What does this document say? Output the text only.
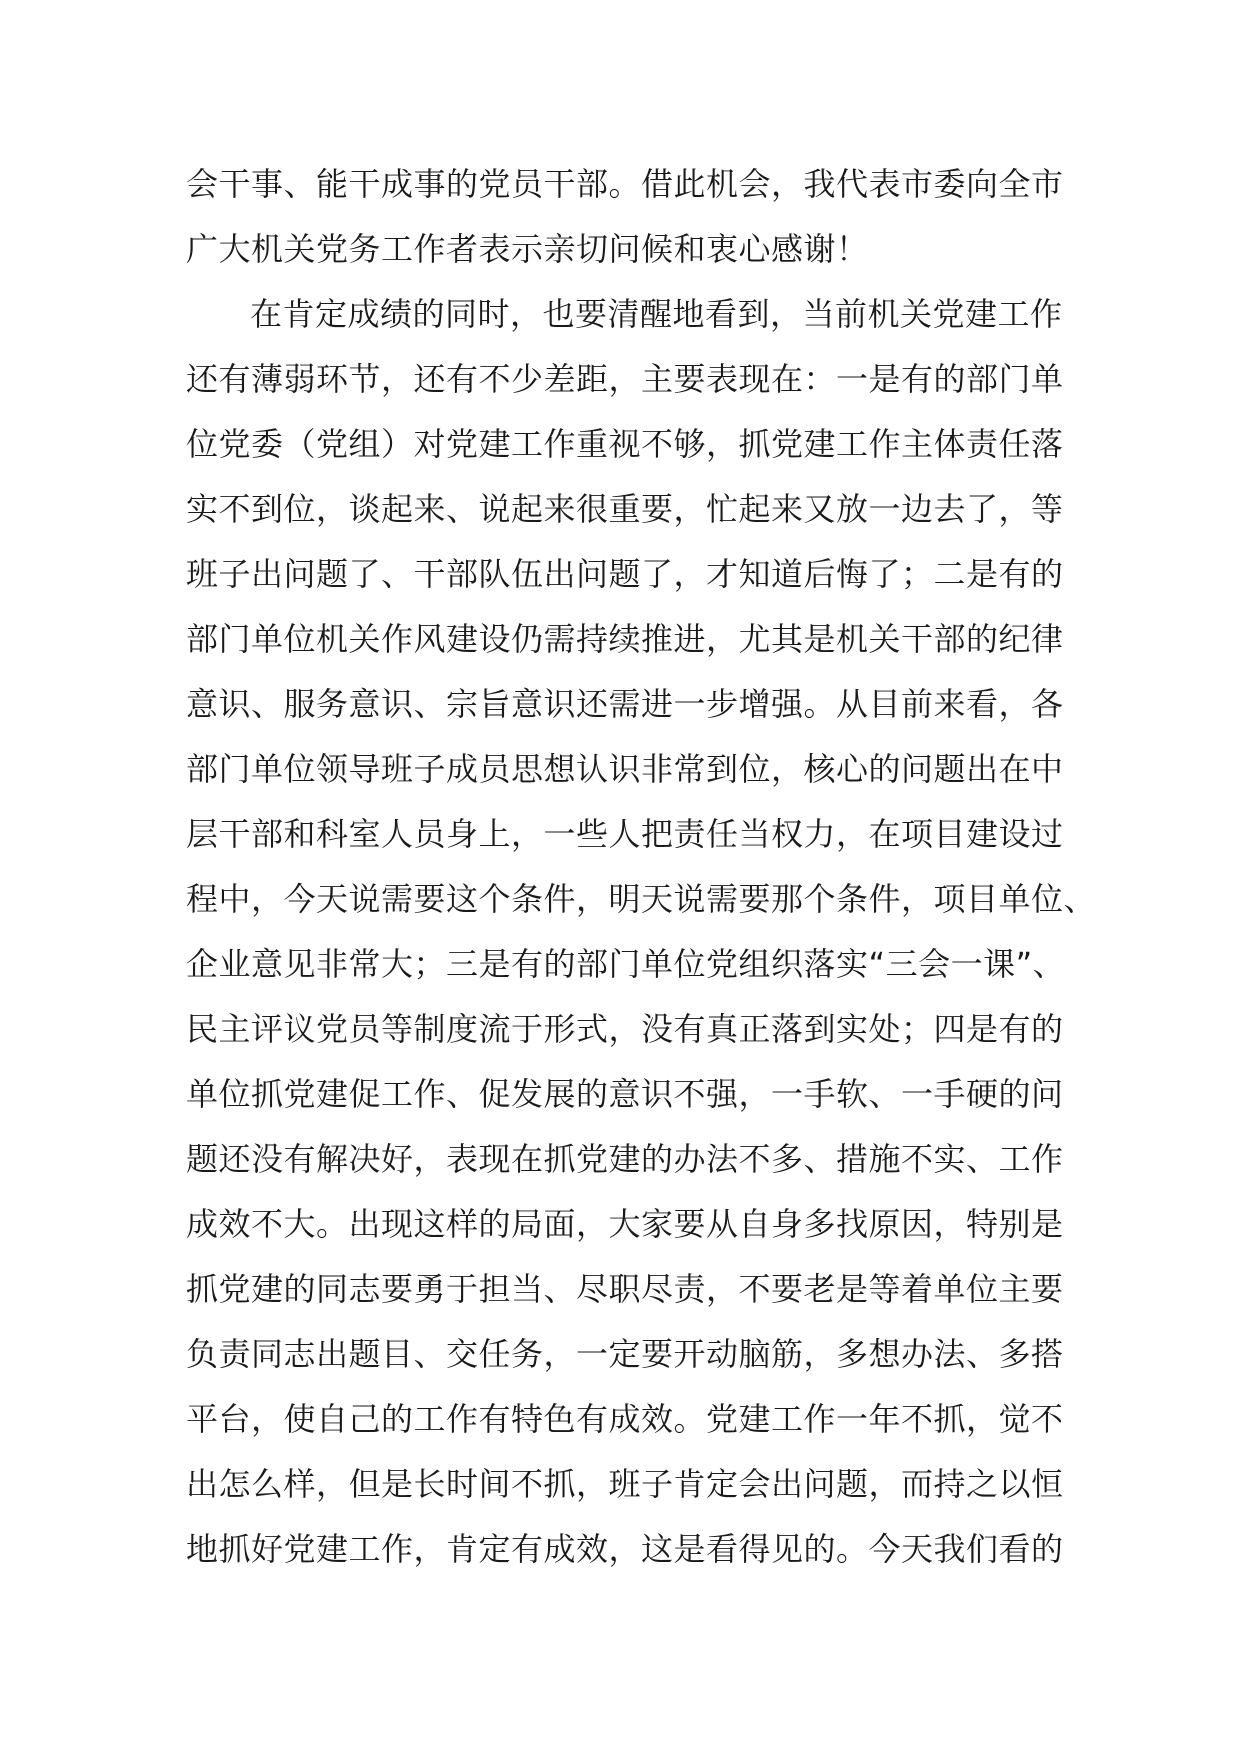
会干事、能干成事的党员干部。借此机会，我代表市委向全市
广大机关党务工作者表示亲切问候和衷心感谢！
在肯定成绩的同时，也要清醒地看到，当前机关党建工作
还有薄弱环节，还有不少差距，主要表现在：一是有的部门单
位党委（党组）对党建工作重视不够，抓党建工作主体责任落
实不到位，谈起来、说起来很重要，忙起来又放一边去了，等
班子出问题了、干部队伍出问题了，才知道后悔了；二是有的
部门单位机关作风建设仍需持续推进，尤其是机关干部的纪律
意识、服务意识、宗旨意识还需进一步增强。从目前来看，各
部门单位领导班子成员思想认识非常到位，核心的问题出在中
层干部和科室人员身上，一些人把责任当权力，在项目建设过
程中，今天说需要这个条件，明天说需要那个条件，项目单位、
企业意见非常大；三是有的部门单位党组织落实“三会一课”、
民主评议党员等制度流于形式，没有真正落到实处；四是有的
单位抓党建促工作、促发展的意识不强，一手软、一手硬的问
题还没有解决好，表现在抓党建的办法不多、措施不实、工作
成效不大。出现这样的局面，大家要从自身多找原因，特别是
抓党建的同志要勇于担当、尽职尽责，不要老是等着单位主要
负责同志出题目、交任务，一定要开动脑筋，多想办法、多搭
平台，使自己的工作有特色有成效。党建工作一年不抓，觉不
出怎么样，但是长时间不抓，班子肯定会出问题，而持之以恒
地抓好党建工作，肯定有成效，这是看得见的。今天我们看的
